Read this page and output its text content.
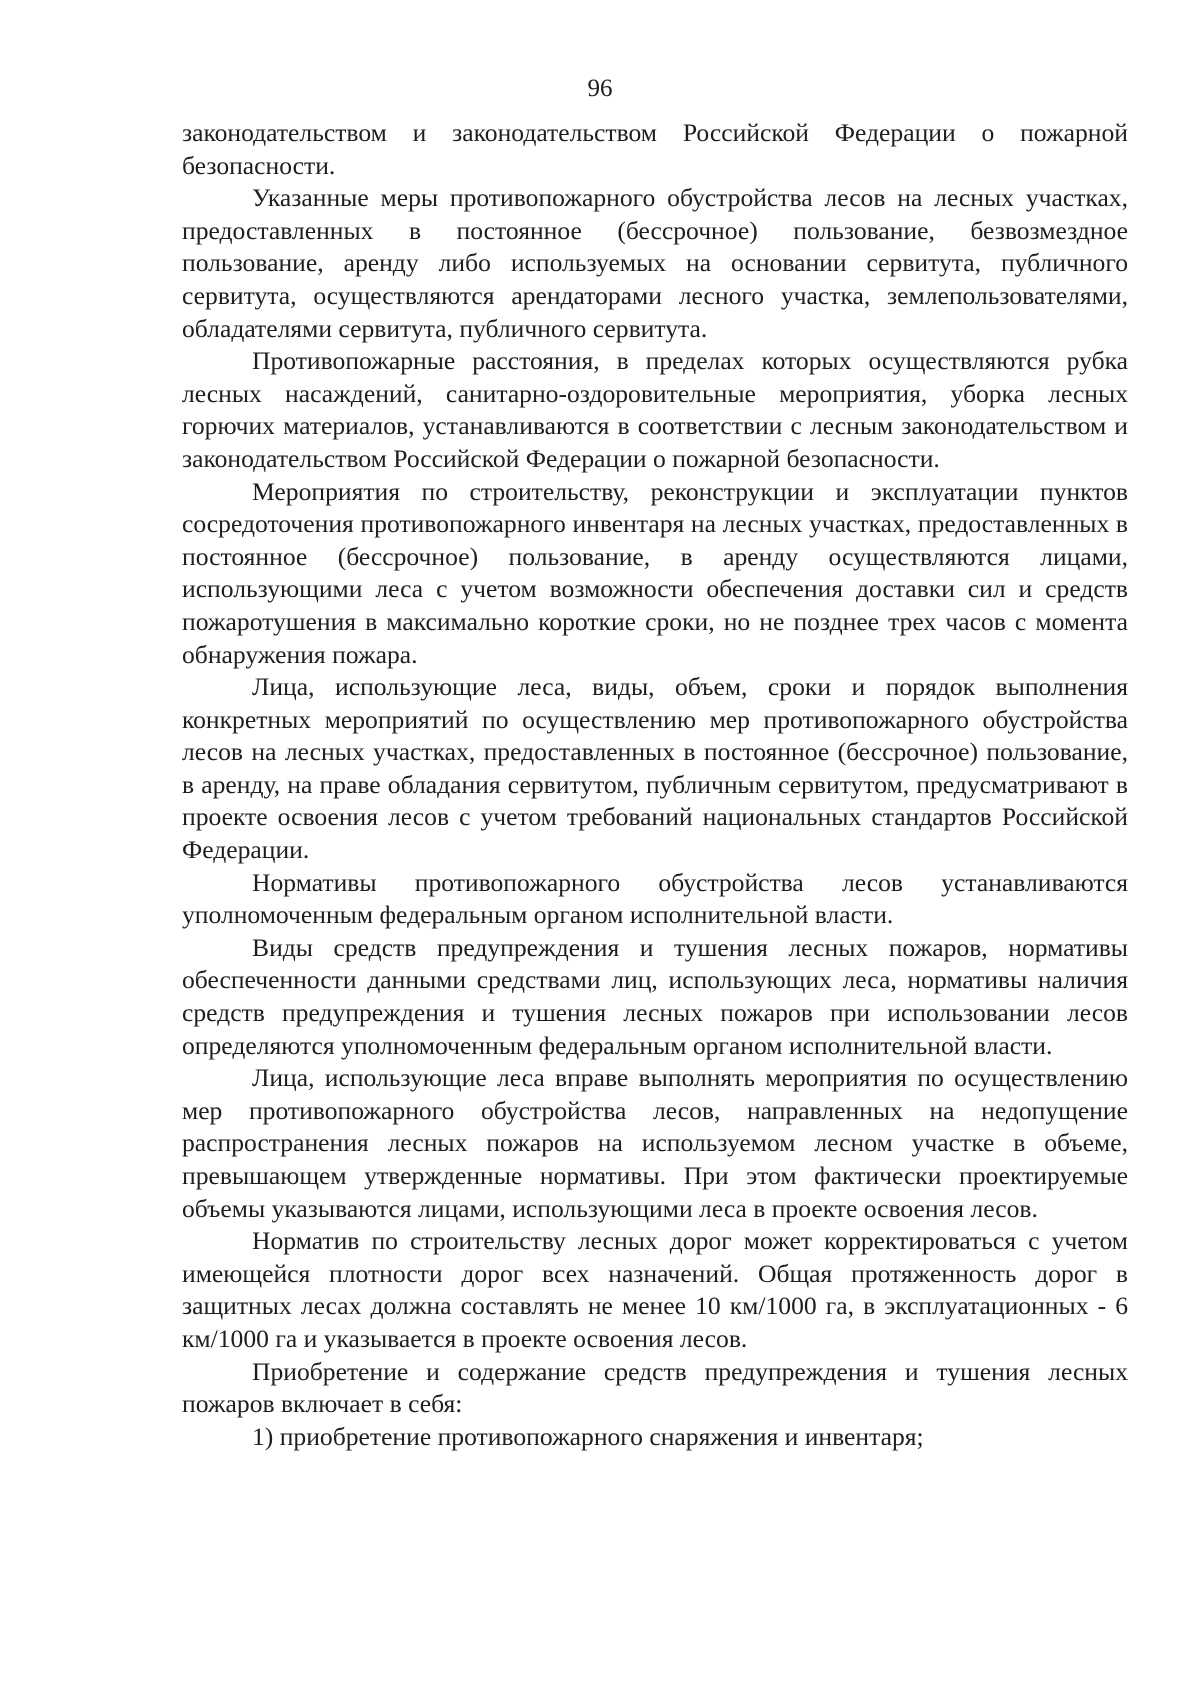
96

законодательством и законодательством Российской Федерации о пожарной безопасности.

Указанные меры противопожарного обустройства лесов на лесных участках, предоставленных в постоянное (бессрочное) пользование, безвозмездное пользование, аренду либо используемых на основании сервитута, публичного сервитута, осуществляются арендаторами лесного участка, землепользователями, обладателями сервитута, публичного сервитута.

Противопожарные расстояния, в пределах которых осуществляются рубка лесных насаждений, санитарно-оздоровительные мероприятия, уборка лесных горючих материалов, устанавливаются в соответствии с лесным законодательством и законодательством Российской Федерации о пожарной безопасности.

Мероприятия по строительству, реконструкции и эксплуатации пунктов сосредоточения противопожарного инвентаря на лесных участках, предоставленных в постоянное (бессрочное) пользование, в аренду осуществляются лицами, использующими леса с учетом возможности обеспечения доставки сил и средств пожаротушения в максимально короткие сроки, но не позднее трех часов с момента обнаружения пожара.

Лица, использующие леса, виды, объем, сроки и порядок выполнения конкретных мероприятий по осуществлению мер противопожарного обустройства лесов на лесных участках, предоставленных в постоянное (бессрочное) пользование, в аренду, на праве обладания сервитутом, публичным сервитутом, предусматривают в проекте освоения лесов с учетом требований национальных стандартов Российской Федерации.

Нормативы противопожарного обустройства лесов устанавливаются уполномоченным федеральным органом исполнительной власти.

Виды средств предупреждения и тушения лесных пожаров, нормативы обеспеченности данными средствами лиц, использующих леса, нормативы наличия средств предупреждения и тушения лесных пожаров при использовании лесов определяются уполномоченным федеральным органом исполнительной власти.

Лица, использующие леса вправе выполнять мероприятия по осуществлению мер противопожарного обустройства лесов, направленных на недопущение распространения лесных пожаров на используемом лесном участке в объеме, превышающем утвержденные нормативы. При этом фактически проектируемые объемы указываются лицами, использующими леса в проекте освоения лесов.

Норматив по строительству лесных дорог может корректироваться с учетом имеющейся плотности дорог всех назначений. Общая протяженность дорог в защитных лесах должна составлять не менее 10 км/1000 га, в эксплуатационных - 6 км/1000 га и указывается в проекте освоения лесов.

Приобретение и содержание средств предупреждения и тушения лесных пожаров включает в себя:

1) приобретение противопожарного снаряжения и инвентаря;
